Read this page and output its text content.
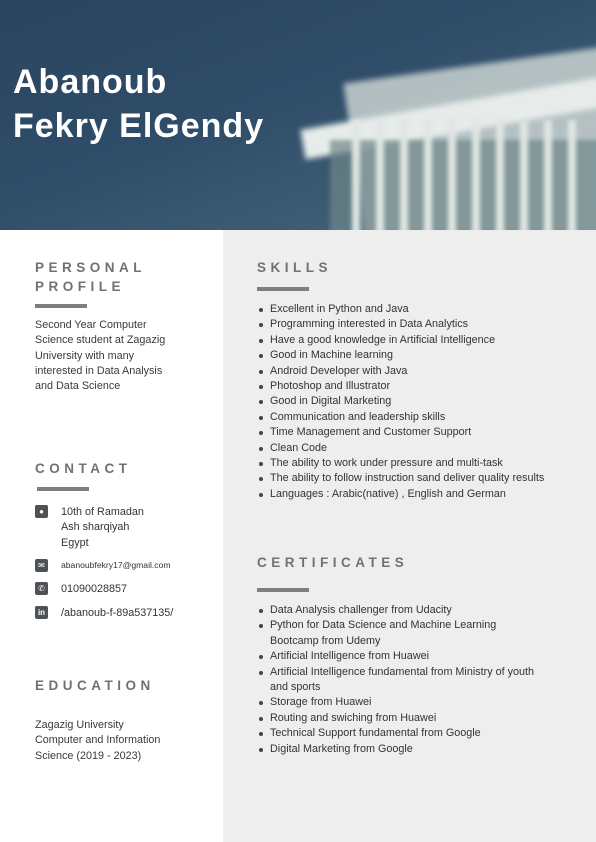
Abanoub
Fekry ElGendy
PERSONAL
PROFILE

Second Year Computer
Science student at Zagazig
University with many
interested in Data Analysis
and Data Science

CONTACT
●	10th of Ramadan
Ash sharqiyah
Egypt
✉	abanoubfekry17@gmail.com
✆ 01090028857
in /abanoub-f-89a537135/
EDUCATION

Zagazig University
Computer and Information
Science (2019 - 2023)

SKILLS
Excellent in Python and Java
Programming interested in Data Analytics
Have a good knowledge in Artificial Intelligence
Good in Machine learning
Android Developer with Java
Photoshop and Illustrator
Good in Digital Marketing
Communication and leadership skills
Time Management and Customer Support
Clean Code
The ability to work under pressure and multi-task
The ability to follow instruction sand deliver quality results
Languages : Arabic(native) , English and German
CERTIFICATES
Data Analysis challenger from Udacity
Python for Data Science and Machine Learning Bootcamp from Udemy
Artificial Intelligence from Huawei
Artificial Intelligence fundamental from Ministry of youth and sports
Storage from Huawei
Routing and swiching from Huawei
Technical Support fundamental from Google
Digital Marketing from Google
